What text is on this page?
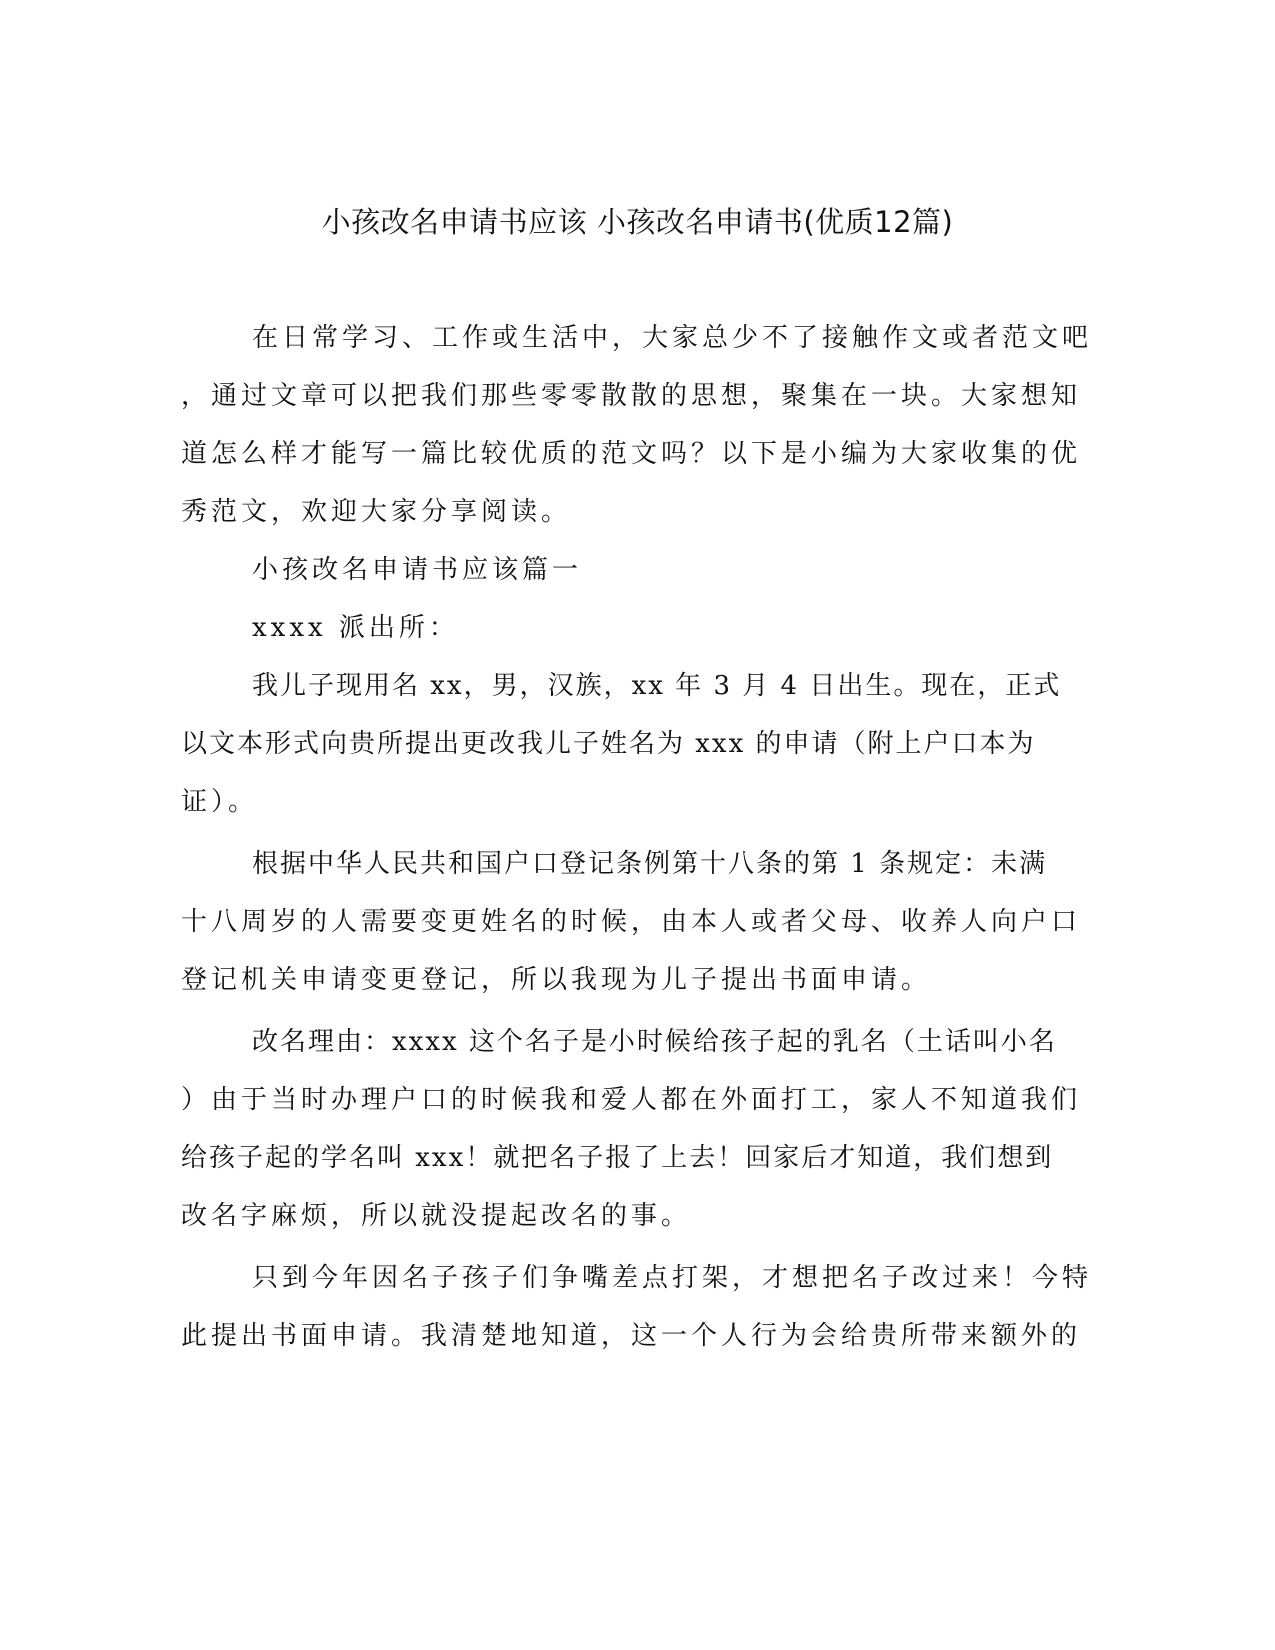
小孩改名申请书应该 小孩改名申请书(优质12篇)
在日常学习、工作或生活中，大家总少不了接触作文或者范文吧
，通过文章可以把我们那些零零散散的思想，聚集在一块。大家想知
道怎么样才能写一篇比较优质的范文吗？以下是小编为大家收集的优
秀范文，欢迎大家分享阅读。
小孩改名申请书应该篇一
xxxx 派出所：
我儿子现用名 xx，男，汉族，xx 年 3 月 4 日出生。现在，正式
以文本形式向贵所提出更改我儿子姓名为 xxx 的申请（附上户口本为
证）。
根据中华人民共和国户口登记条例第十八条的第 1 条规定：未满
十八周岁的人需要变更姓名的时候，由本人或者父母、收养人向户口
登记机关申请变更登记，所以我现为儿子提出书面申请。
改名理由：xxxx 这个名子是小时候给孩子起的乳名（土话叫小名
）由于当时办理户口的时候我和爱人都在外面打工，家人不知道我们
给孩子起的学名叫 xxx！就把名子报了上去！回家后才知道，我们想到
改名字麻烦，所以就没提起改名的事。
只到今年因名子孩子们争嘴差点打架，才想把名子改过来！今特
此提出书面申请。我清楚地知道，这一个人行为会给贵所带来额外的
